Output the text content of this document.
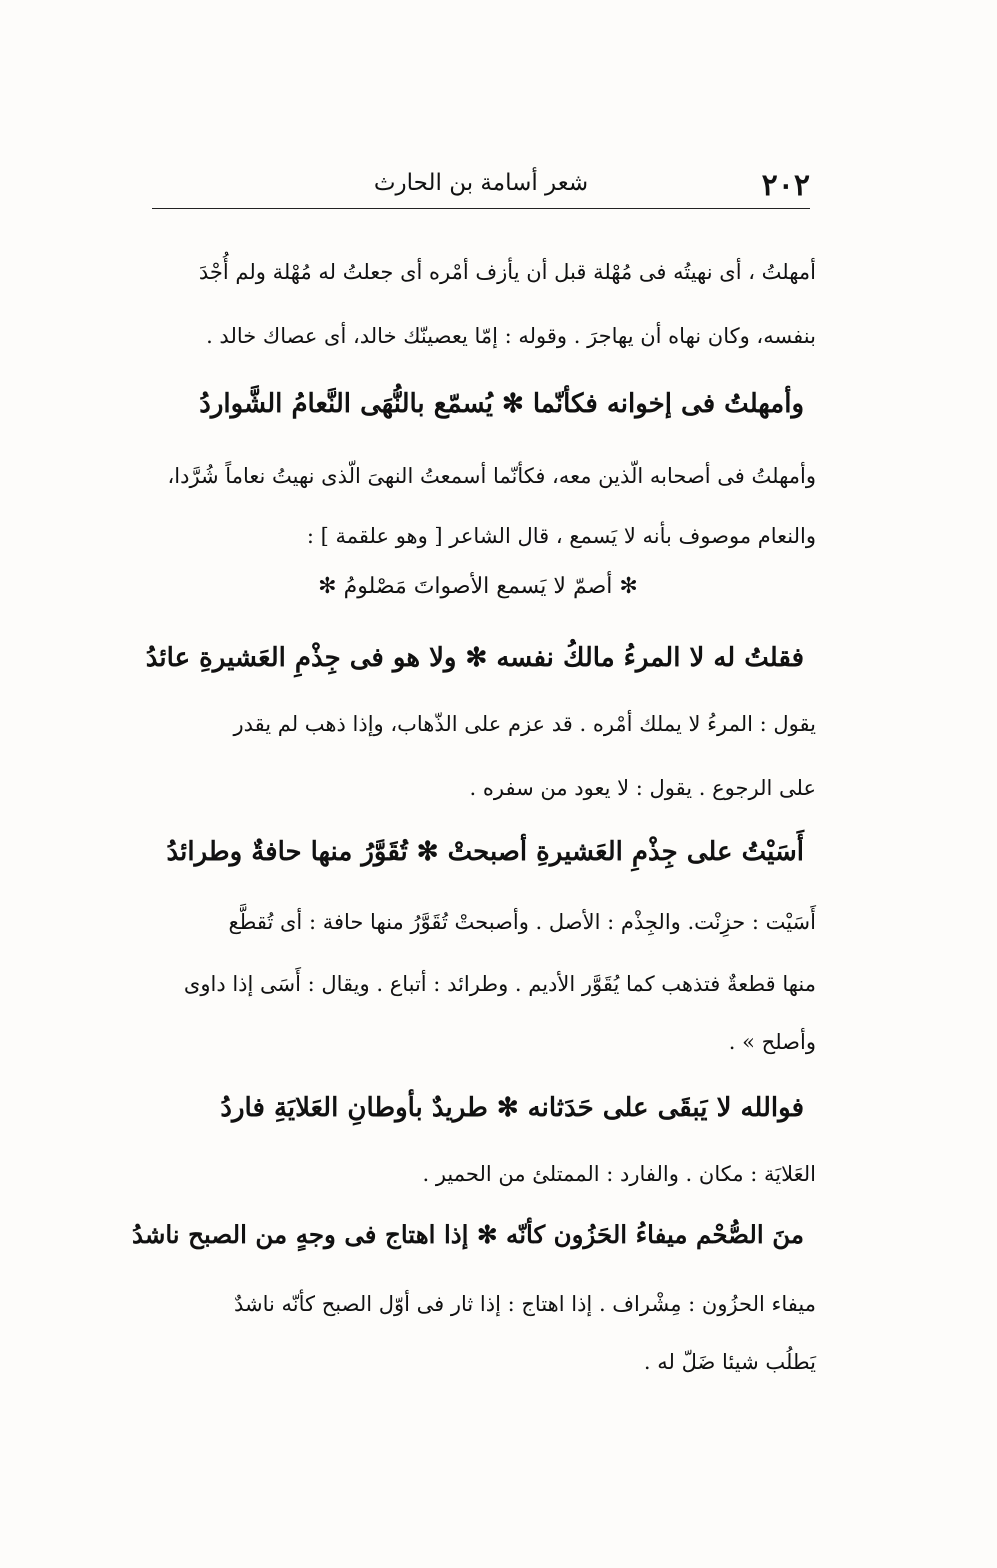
٢٠٢
شعر أسامة بن الحارث
أمهلتُ ، أى نهيتُه فى مُهْلة قبل أن يأزف أمْره أى جعلتُ له مُهْلة ولم أُجْدَ
بنفسه، وكان نهاه أن يهاجرَ . وقوله : إمّا يعصينّك خالد، أى عصاك خالد .
وأمهلتُ فى إخوانه فكأنّما ✻ يُسمّع بالنُّهَى النَّعامُ الشَّواردُ
وأمهلتُ فى أصحابه الّذين معه، فكأنّما أسمعتُ النهىَ الّذى نهيتُ نعاماً شُرَّدا،
والنعام موصوف بأنه لا يَسمع ، قال الشاعر [ وهو علقمة ] :
✻ أصمّ لا يَسمع الأصواتَ مَصْلومُ ✻
فقلتُ له لا المرءُ مالكُ نفسه ✻ ولا هو فى جِذْمِ العَشيرةِ عائدُ
يقول : المرءُ لا يملك أمْره . قد عزم على الذّهاب، وإذا ذهب لم يقدر
على الرجوع . يقول : لا يعود من سفره .
أَسَيْتُ على جِذْمِ العَشيرةِ أصبحتْ ✻ تُقَوَّرُ منها حافةٌ وطرائدُ
أَسَيْت : حزِنْت. والجِذْم : الأصل . وأصبحتْ تُقَوَّرُ منها حافة : أى تُقطَّع
منها قطعةٌ فتذهب كما يُقَوَّر الأديم . وطرائد : أتباع . ويقال : أَسَى إذا داوى
وأصلح » .
فوالله لا يَبقَى على حَدَثانه ✻ طريدٌ بأوطانِ العَلايَةِ فاردُ
العَلايَة : مكان . والفارد : الممتلئ من الحمير .
منَ الصُّحْم ميفاءُ الحَزُون كأنّه ✻ إذا اهتاج فى وجهٍ من الصبح ناشدُ
ميفاء الحزُون : مِشْراف . إذا اهتاج : إذا ثار فى أوّل الصبح كأنّه ناشدٌ
يَطلُب شيئا ضَلّ له .
